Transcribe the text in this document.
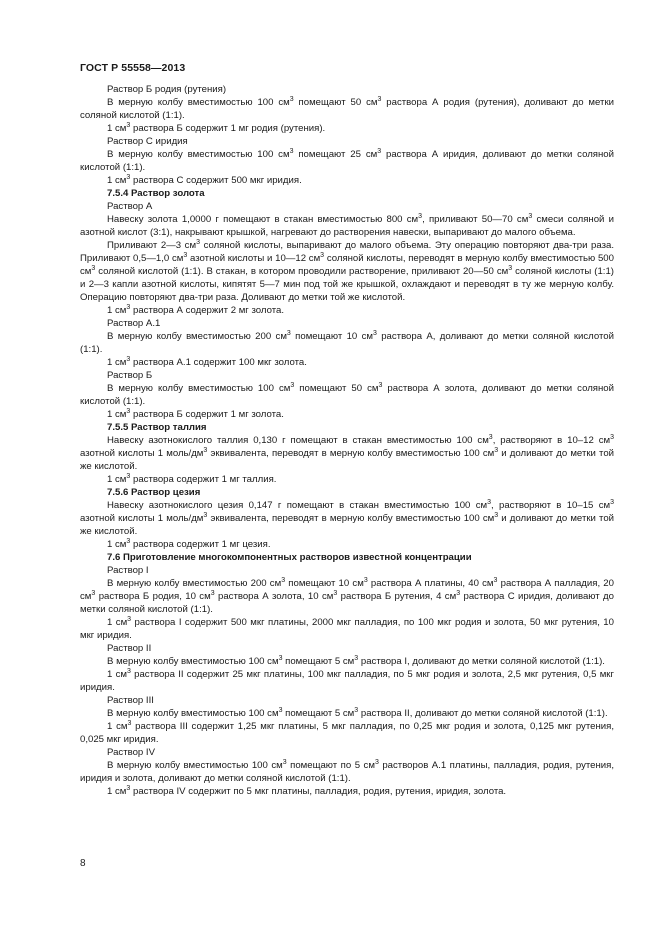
ГОСТ Р 55558—2013

Раствор Б родия (рутения)

В мерную колбу вместимостью 100 $см^3$ помещают 50 $см^3$ раствора А родия (рутения), доливают до метки соляной кислотой (1:1).

1 $см^3$ раствора Б содержит 1 мг родия (рутения).

Раствор С иридия

В мерную колбу вместимостью 100 $см^3$ помещают 25 $см^3$ раствора А иридия, доливают до метки соляной кислотой (1:1).

1 $см^3$ раствора С содержит 500 мкг иридия.

7.5.4 Раствор золота

Раствор А

Навеску золота 1,0000 г помещают в стакан вместимостью 800 $см^3$, приливают 50—70 $см^3$ смеси соляной и азотной кислот (3:1), накрывают крышкой, нагревают до растворения навески, выпаривают до малого объема.

Приливают 2—3 $см^3$ соляной кислоты, выпаривают до малого объема. Эту операцию повторяют два-три раза. Приливают 0,5—1,0 $см^3$ азотной кислоты и 10—12 $см^3$ соляной кислоты, переводят в мерную колбу вместимостью 500 $см^3$ соляной кислотой (1:1). В стакан, в котором проводили растворение, приливают 20—50 $см^3$ соляной кислоты (1:1) и 2—3 капли азотной кислоты, кипятят 5—7 мин под той же крышкой, охлаждают и переводят в ту же мерную колбу. Операцию повторяют два-три раза. Доливают до метки той же кислотой.

1 $см^3$ раствора А содержит 2 мг золота.

Раствор А.1

В мерную колбу вместимостью 200 $см^3$ помещают 10 $см^3$ раствора А, доливают до метки соляной кислотой (1:1).

1 $см^3$ раствора А.1 содержит 100 мкг золота.

Раствор Б

В мерную колбу вместимостью 100 $см^3$ помещают 50 $см^3$ раствора А золота, доливают до метки соляной кислотой (1:1).

1 $см^3$ раствора Б содержит 1 мг золота.

7.5.5 Раствор таллия

Навеску азотнокислого таллия 0,130 г помещают в стакан вместимостью 100 $см^3$, растворяют в 10–12 $см^3$ азотной кислоты 1 моль/$дм^3$ эквивалента, переводят в мерную колбу вместимостью 100 $см^3$ и доливают до метки той же кислотой.

1 $см^3$ раствора содержит 1 мг таллия.

7.5.6 Раствор цезия

Навеску азотнокислого цезия 0,147 г помещают в стакан вместимостью 100 $см^3$, растворяют в 10–15 $см^3$ азотной кислоты 1 моль/$дм^3$ эквивалента, переводят в мерную колбу вместимостью 100 $см^3$ и доливают до метки той же кислотой.

1 $см^3$ раствора содержит 1 мг цезия.

7.6 Приготовление многокомпонентных растворов известной концентрации

Раствор I

В мерную колбу вместимостью 200 $см^3$ помещают 10 $см^3$ раствора А платины, 40 $см^3$ раствора А палладия, 20 $см^3$ раствора Б родия, 10 $см^3$ раствора А золота, 10 $см^3$ раствора Б рутения, 4 $см^3$ раствора С иридия, доливают до метки соляной кислотой (1:1).

1 $см^3$ раствора I содержит 500 мкг платины, 2000 мкг палладия, по 100 мкг родия и золота, 50 мкг рутения, 10 мкг иридия.

Раствор II

В мерную колбу вместимостью 100 $см^3$ помещают 5 $см^3$ раствора I, доливают до метки соляной кислотой (1:1).

1 $см^3$ раствора II содержит 25 мкг платины, 100 мкг палладия, по 5 мкг родия и золота, 2,5 мкг рутения, 0,5 мкг иридия.

Раствор III

В мерную колбу вместимостью 100 $см^3$ помещают 5 $см^3$ раствора II, доливают до метки соляной кислотой (1:1).

1 $см^3$ раствора III содержит 1,25 мкг платины, 5 мкг палладия, по 0,25 мкг родия и золота, 0,125 мкг рутения, 0,025 мкг иридия.

Раствор IV

В мерную колбу вместимостью 100 $см^3$ помещают по 5 $см^3$ растворов А.1 платины, палладия, родия, рутения, иридия и золота, доливают до метки соляной кислотой (1:1).

1 $см^3$ раствора IV содержит по 5 мкг платины, палладия, родия, рутения, иридия, золота.

8
